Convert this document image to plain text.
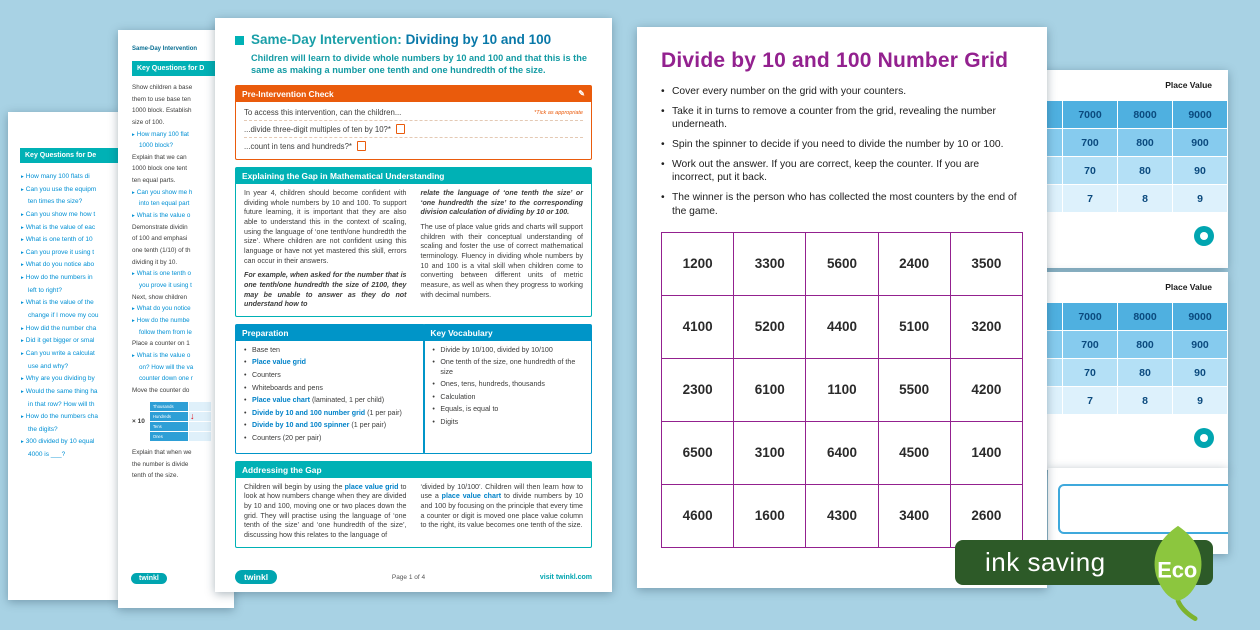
Key Questions for De
▸ How many 100 flats di
▸ Can you use the equipm
ten times the size?
▸ Can you show me how t
▸ What is the value of eac
▸ What is one tenth of 10
▸ Can you prove it using t
▸ What do you notice abo
▸ How do the numbers in
left to right?
▸ What is the value of the
change if I move my cou
▸ How did the number cha
▸ Did it get bigger or smal
▸ Can you write a calculat
use and why?
▸ Why are you dividing by
▸ Would the same thing ha
in that row? How will th
▸ How do the numbers cha
the digits?
▸ 300 divided by 10 equal
4000 is ___?
Same-Day Intervention
Key Questions for D
Show children a base
them to use base ten
1000 block. Establish
size of 100.
▸ How many 100 flat
1000 block?
Explain that we can
1000 block one tent
ten equal parts.
▸ Can you show me h
into ten equal part
▸ What is the value o
Demonstrate dividin
of 100 and emphasi
one tenth (1/10) of th
dividing it by 10.
▸ What is one tenth o
you prove it using t
Next, show children
▸ What do you notice
▸ How do the numbe
follow them from le
Place a counter on 1
▸ What is the value o
on? How will the va
counter down one r
Move the counter do
× 10
Thousands	
Hundreds	
Tens	
Ones	
↓
Explain that when we
the number is divide
tenth of the size.
twinkl
Same-Day Intervention: Dividing by 10 and 100
Children will learn to divide whole numbers by 10 and 100 and that this is the same as making a number one tenth and one hundredth of the size.
Pre-Intervention Check	✎
To access this intervention, can the children...	*Tick as appropriate
...divide three-digit multiples of ten by 10?*
...count in tens and hundreds?*
Explaining the Gap in Mathematical Understanding

In year 4, children should become confident with dividing whole numbers by 10 and 100. To support future learning, it is important that they are also able to understand this in the context of scaling, using the language of ‘one tenth/one hundredth the size’. Where children are not confident using this language or have not yet mastered this skill, errors can occur in their answers.

For example, when asked for the number that is one tenth/one hundredth the size of 2100, they may be unable to answer as they do not understand how to

relate the language of ‘one tenth the size’ or ‘one hundredth the size’ to the corresponding division calculation of dividing by 10 or 100.

The use of place value grids and charts will support children with their conceptual understanding of scaling and foster the use of correct mathematical terminology. Fluency in dividing whole numbers by 10 and 100 is a vital skill when children come to converting between different units of metric measure, as well as when they progress to working with decimal numbers.

Preparation
• Base ten
• Place value grid
• Counters
• Whiteboards and pens
• Place value chart (laminated, 1 per child)
• Divide by 10 and 100 number grid (1 per pair)
• Divide by 10 and 100 spinner (1 per pair)
• Counters (20 per pair)
Key Vocabulary
• Divide by 10/100, divided by 10/100
• One tenth of the size, one hundredth of the size
• Ones, tens, hundreds, thousands
• Calculation
• Equals, is equal to
• Digits
Addressing the Gap

Children will begin by using the place value grid to look at how numbers change when they are divided by 10 and 100, moving one or two places down the grid. They will practise using the language of ‘one tenth of the size’ and ‘one hundredth of the size’, discussing how this relates to the language of

‘divided by 10/100’. Children will then learn how to use a place value chart to divide numbers by 10 and 100 by focusing on the principle that every time a counter or digit is moved one place value column to the right, its value becomes one tenth of the size.

twinkl	Page 1 of 4	visit twinkl.com
Place Value
	7000	8000	9000
	700	800	900
	70	80	90
	7	8	9
Place Value
	7000	8000	9000
	700	800	900
	70	80	90
	7	8	9
Divide by 10 and 100 Number Grid
• Cover every number on the grid with your counters.
• Take it in turns to remove a counter from the grid, revealing the number underneath.
• Spin the spinner to decide if you need to divide the number by 10 or 100.
• Work out the answer. If you are correct, keep the counter. If you are incorrect, put it back.
• The winner is the person who has collected the most counters by the end of the game.
1200	3300	5600	2400	3500
4100	5200	4400	5100	3200
2300	6100	1100	5500	4200
6500	3100	6400	4500	1400
4600	1600	4300	3400	2600
ink saving Eco
